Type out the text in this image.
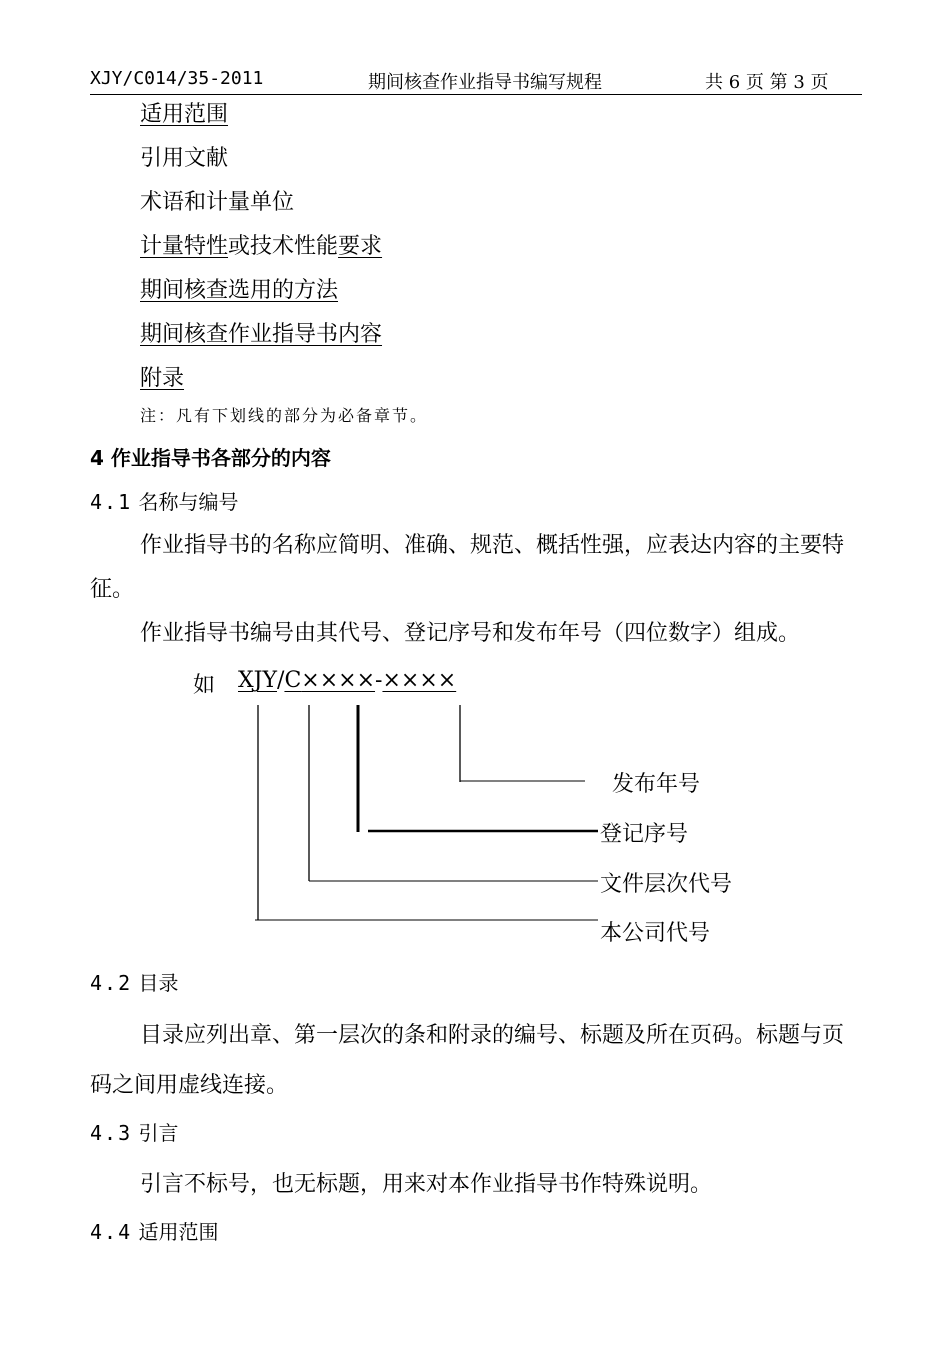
XJY/C014/35-2011	期间核查作业指导书编写规程	共 6 页 第 3 页
适用范围
引用文献
术语和计量单位
计量特性或技术性能要求
期间核查选用的方法
期间核查作业指导书内容
附录
注：凡有下划线的部分为必备章节。
4 作业指导书各部分的内容
4.1 名称与编号
作业指导书的名称应简明、准确、规范、概括性强，应表达内容的主要特
征。
作业指导书编号由其代号、登记序号和发布年号（四位数字）组成。
如 XJY/C××××-××××
发布年号
登记序号
文件层次代号
本公司代号
4.2 目录
目录应列出章、第一层次的条和附录的编号、标题及所在页码。标题与页
码之间用虚线连接。
4.3 引言
引言不标号，也无标题，用来对本作业指导书作特殊说明。
4.4 适用范围
